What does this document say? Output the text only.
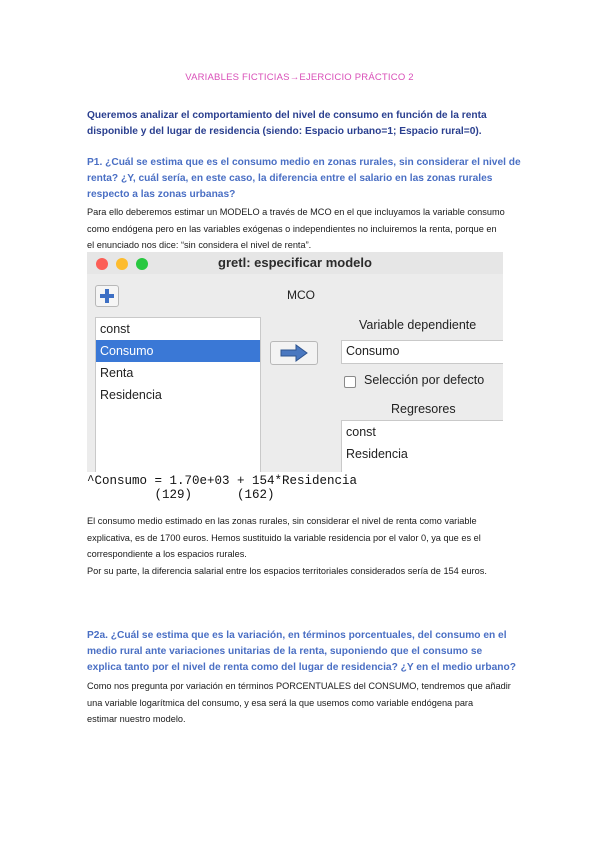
VARIABLES FICTICIAS→EJERCICIO PRÁCTICO 2
Queremos analizar el comportamiento del nivel de consumo en función de la renta
disponible y del lugar de residencia (siendo: Espacio urbano=1; Espacio rural=0).
P1. ¿Cuál se estima que es el consumo medio en zonas rurales, sin considerar el nivel de
renta? ¿Y, cuál sería, en este caso, la diferencia entre el salario en las zonas rurales
respecto a las zonas urbanas?
Para ello deberemos estimar un MODELO a través de MCO en el que incluyamos la variable consumo
como endógena pero en las variables exógenas o independientes no incluiremos la renta, porque en
el enunciado nos dice: “sin considera el nivel de renta”.
gretl: especificar modelo
MCO
const
Consumo
Renta
Residencia
Variable dependiente
Consumo
Selección por defecto
Regresores
const
Residencia
^Consumo = 1.70e+03 + 154*Residencia
(129)      (162)
El consumo medio estimado en las zonas rurales, sin considerar el nivel de renta como variable
explicativa, es de 1700 euros. Hemos sustituido la variable residencia por el valor 0, ya que es el
correspondiente a los espacios rurales.
Por su parte, la diferencia salarial entre los espacios territoriales considerados sería de 154 euros.
P2a. ¿Cuál se estima que es la variación, en términos porcentuales, del consumo en el
medio rural ante variaciones unitarias de la renta, suponiendo que el consumo se
explica tanto por el nivel de renta como del lugar de residencia? ¿Y en el medio urbano?
Como nos pregunta por variación en términos PORCENTUALES del CONSUMO, tendremos que añadir
una variable logarítmica del consumo, y esa será la que usemos como variable endógena para
estimar nuestro modelo.
